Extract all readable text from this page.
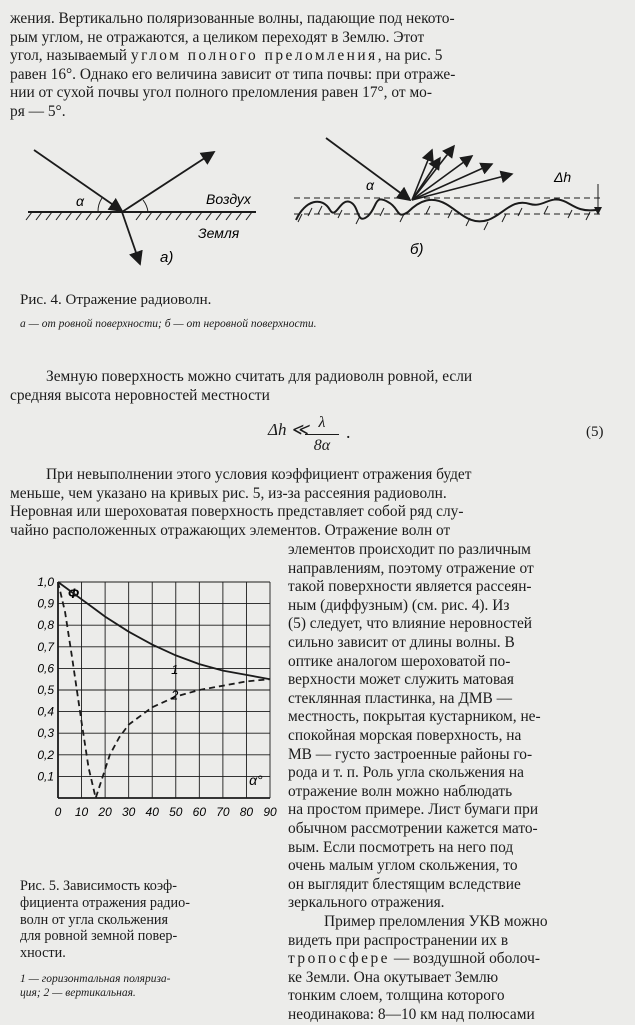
жения. Вертикально поляризованные волны, падающие под некото-

рым углом, не отражаются, а целиком переходят в Землю. Этот

угол, называемый углом полного преломления, на рис. 5

равен 16°. Однако его величина зависит от типа почвы: при отраже-

нии от сухой почвы угол полного преломления равен 17°, от мо-

ря — 5°.

α	Воздух
Земля
а)
α	Δh
б)
Рис. 4. Отражение радиоволн.
а — от ровной поверхности; б — от неровной поверхности.

Земную поверхность можно считать для радиоволн ровной, если

средняя высота неровностей местности

Δh ≪ λ
8α
.	(5)

При невыполнении этого условия коэффициент отражения будет

меньше, чем указано на кривых рис. 5, из-за рассеяния радиоволн.

Неровная или шероховатая поверхность представляет собой ряд слу-

чайно расположенных отражающих элементов. Отражение волн от

элементов происходит по различным

направлениям, поэтому отражение от

такой поверхности является рассеян-

ным (диффузным) (см. рис. 4). Из

(5) следует, что влияние неровностей

сильно зависит от длины волны. В

оптике аналогом шероховатой по-

верхности может служить матовая

стеклянная пластинка, на ДМВ —

местность, покрытая кустарником, не-

спокойная морская поверхность, на

МВ — густо застроенные районы го-

рода и т. п. Роль угла скольжения на

отражение волн можно наблюдать

на простом примере. Лист бумаги при

обычном рассмотрении кажется мато-

вым. Если посмотреть на него под

очень малым углом скольжения, то

он выглядит блестящим вследствие

зеркального отражения.

Пример преломления УКВ можно

видеть при распространении их в

тропосфере — воздушной оболоч-

ке Земли. Она окутывает Землю

тонким слоем, толщина которого

неодинакова: 8—10 км над полюсами

0 10 20 30 40 50 60 70 80 90
0,1
0,2
0,3
0,4
0,5
0,6
0,7
0,8
0,9
1,0
Ф
α°
1
2
Рис. 5. Зависимость коэф-
фициента отражения радио-
волн от угла скольжения
для ровной земной повер-
хности.
1 — горизонтальная поляриза-
ция; 2 — вертикальная.
